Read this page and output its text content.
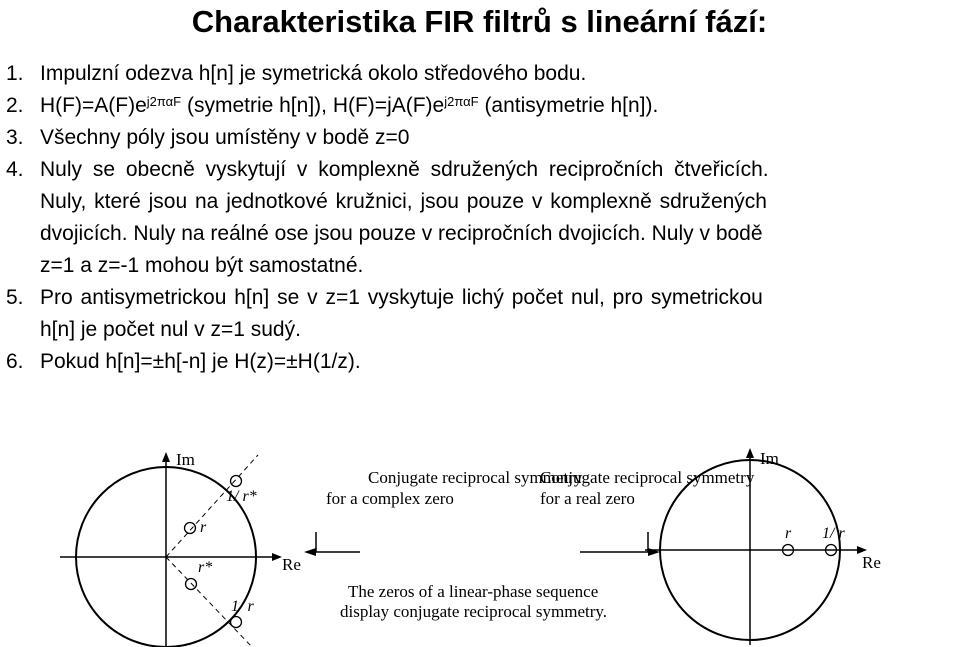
Charakteristika FIR filtrů s lineární fází:
1. Impulzní odezva h[n] je symetrická okolo středového bodu.
2. $H(F)=A(F)e^{j2\pi\alpha F}$ (symetrie h[n]), $H(F)=jA(F)e^{j2\pi\alpha F}$ (antisymetrie h[n]).
3. Všechny póly jsou umístěny v bodě z=0
4. Nuly se obecně vyskytují v komplexně sdružených recipročních čtveřicích.
Nuly, které jsou na jednotkové kružnici, jsou pouze v komplexně sdružených
dvojicích. Nuly na reálné ose jsou pouze v recipročních dvojicích. Nuly v bodě
z=1 a z=-1 mohou být samostatné.
5. Pro antisymetrickou h[n] se v z=1 vyskytuje lichý počet nul, pro symetrickou
h[n] je počet nul v z=1 sudý.
6. Pokud h[n]=±h[-n] je H(z)=±H(1/z).
Im
Re
1/ r*
r
r*
1/ r
Conjugate reciprocal symmetry
for a complex zero
Conjugate reciprocal symmetry
for a real zero
The zeros of a linear-phase sequence
display conjugate reciprocal symmetry.
Im
Re
r 1/ r
